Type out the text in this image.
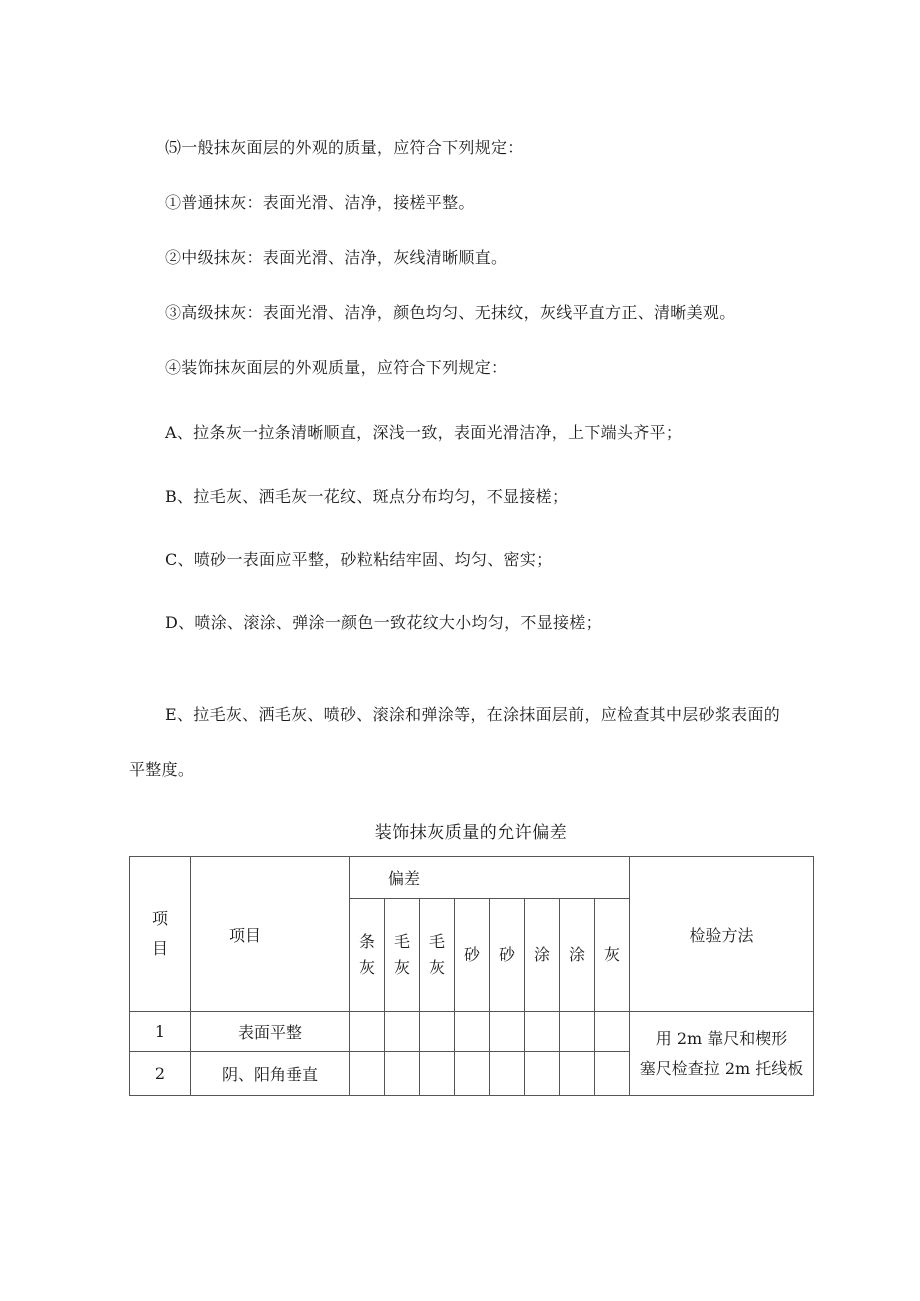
⑸一般抹灰面层的外观的质量，应符合下列规定：
①普通抹灰：表面光滑、洁净，接槎平整。
②中级抹灰：表面光滑、洁净，灰线清晰顺直。
③高级抹灰：表面光滑、洁净，颜色均匀、无抹纹，灰线平直方正、清晰美观。
④装饰抹灰面层的外观质量，应符合下列规定：
A、拉条灰一拉条清晰顺直，深浅一致，表面光滑洁净，上下端头齐平；
B、拉毛灰、洒毛灰一花纹、斑点分布均匀，不显接槎；
C、喷砂一表面应平整，砂粒粘结牢固、均匀、密实；
D、喷涂、滚涂、弹涂一颜色一致花纹大小均匀，不显接槎；
E、拉毛灰、洒毛灰、喷砂、滚涂和弹涂等，在涂抹面层前，应检查其中层砂浆表面的
平整度。
装饰抹灰质量的允许偏差
项目	项目	偏差								检验方法
		条灰	毛灰	毛灰	砂	砂	涂	涂	灰	
1	表面平整									用 2m 靠尺和楔形
塞尺检查拉 2m 托线板

2	阴、阳角垂直									
